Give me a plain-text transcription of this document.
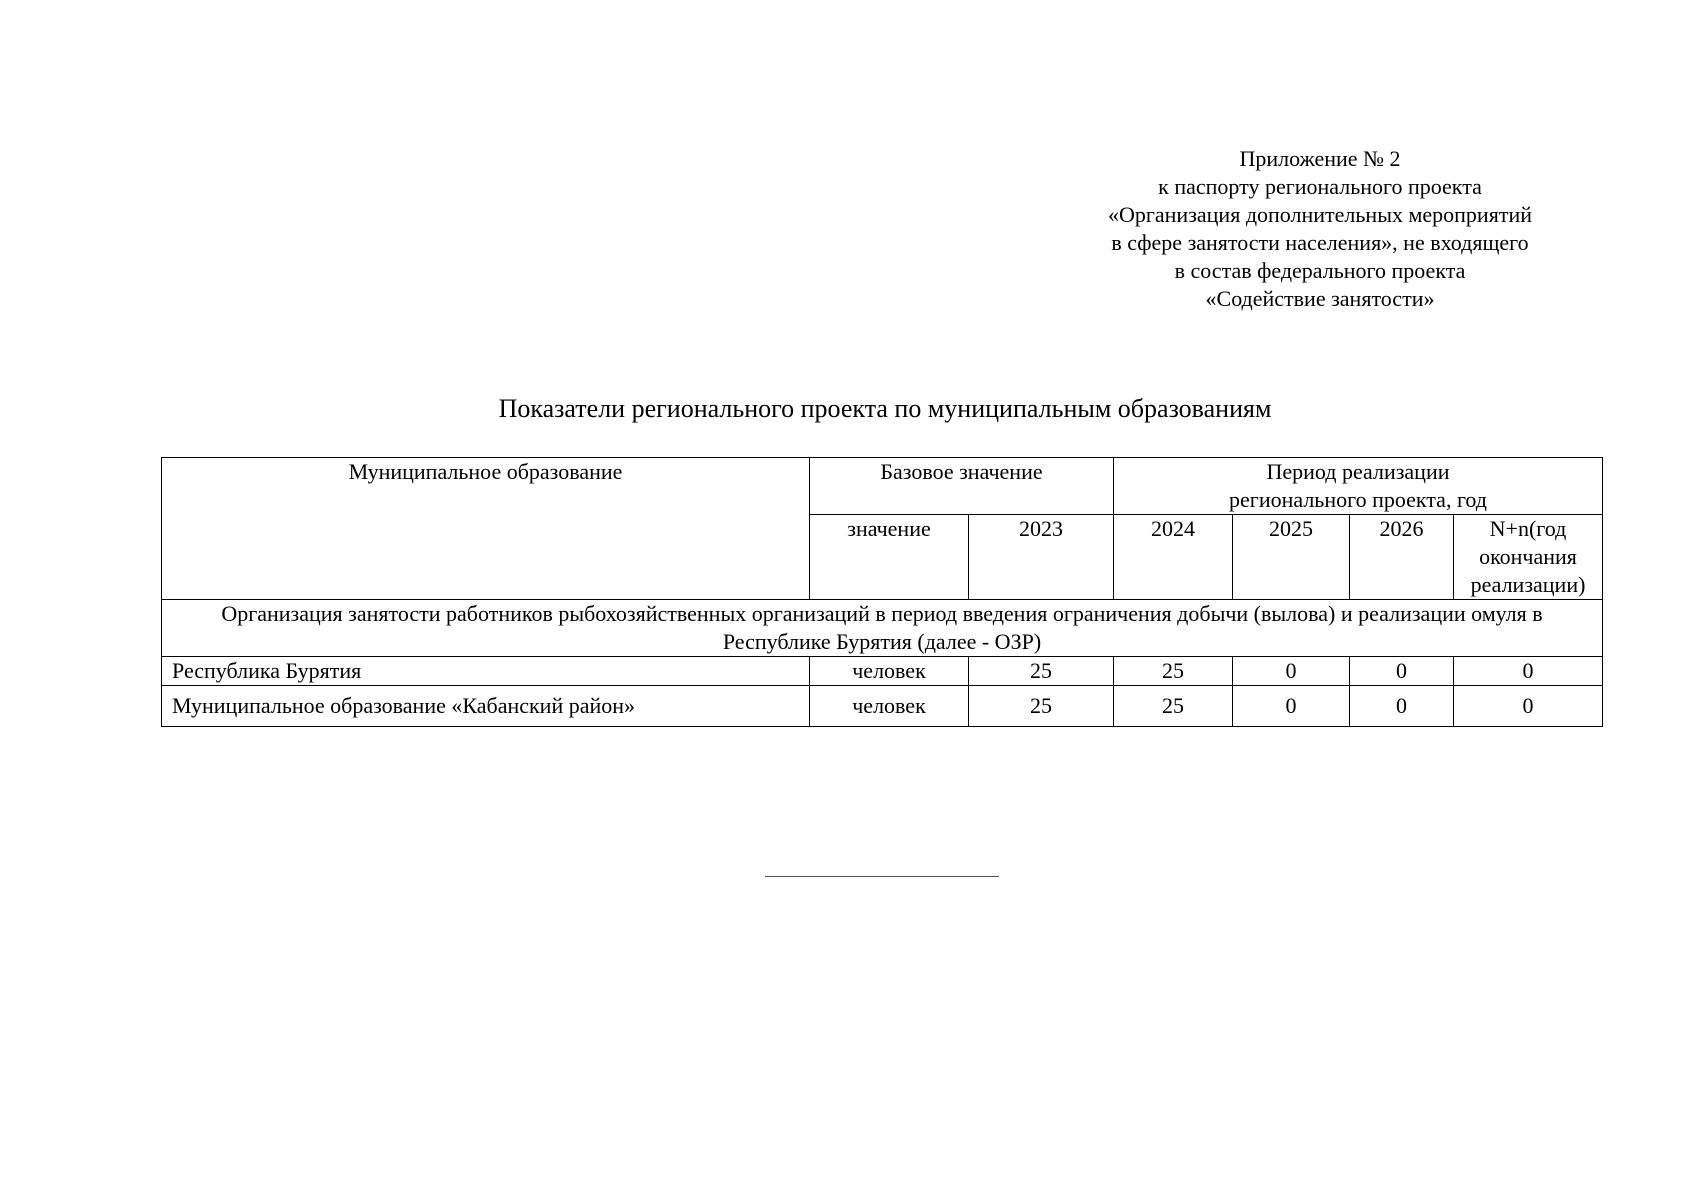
Приложение № 2
к паспорту регионального проекта
«Организация дополнительных мероприятий
в сфере занятости населения», не входящего
в состав федерального проекта
«Содействие занятости»
Показатели регионального проекта по муниципальным образованиям
Муниципальное образование	Базовое значение		Период реализации
регионального проекта, год			

	значение	2023	2024	2025	2026	N+n(год окончания реализации)
Организация занятости работников рыбохозяйственных организаций в период введения ограничения добычи (вылова) и реализации омуля в Республике Бурятия (далее - ОЗР)						
Республика Бурятия	человек	25	25	0	0	0
Муниципальное образование «Кабанский район»	человек	25	25	0	0	0
